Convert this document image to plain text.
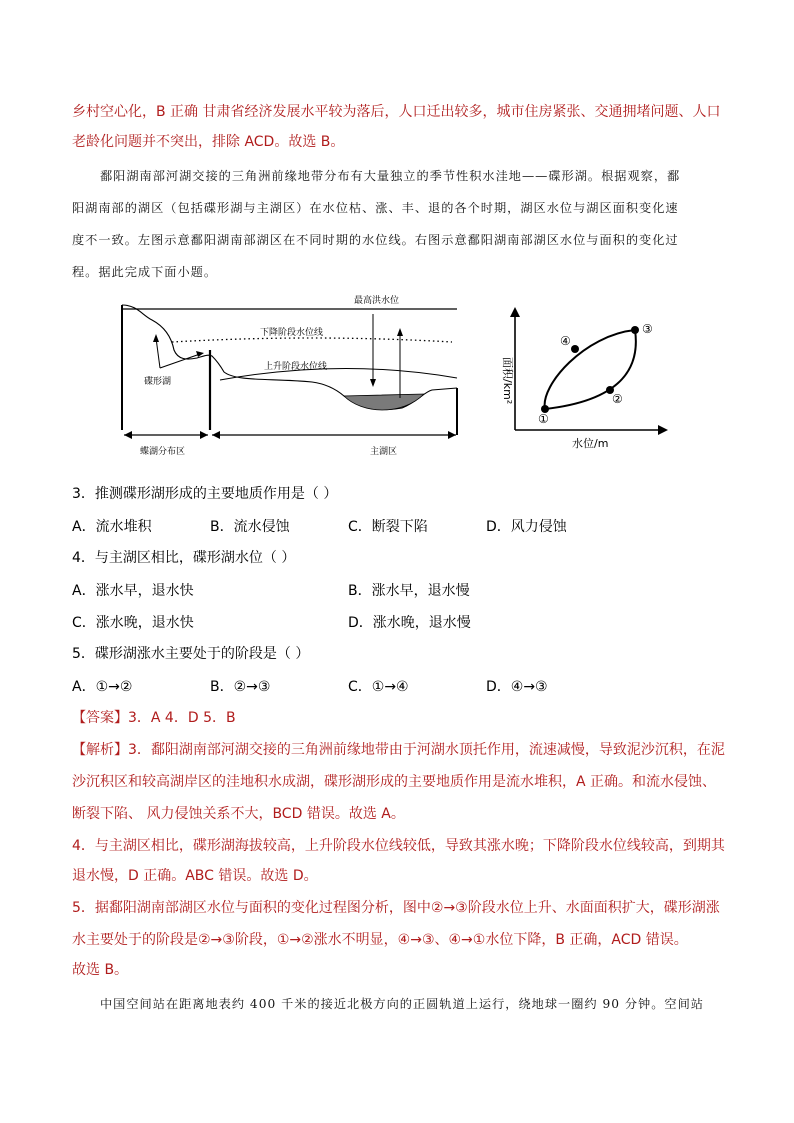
乡村空心化，B 正确 甘肃省经济发展水平较为落后，人口迁出较多，城市住房紧张、交通拥堵问题、人口
老龄化问题并不突出，排除 ACD。故选 B。
鄱阳湖南部河湖交接的三角洲前缘地带分布有大量独立的季节性积水洼地——碟形湖。根据观察，鄱
阳湖南部的湖区（包括碟形湖与主湖区）在水位枯、涨、丰、退的各个时期，湖区水位与湖区面积变化速
度不一致。左图示意鄱阳湖南部湖区在不同时期的水位线。右图示意鄱阳湖南部湖区水位与面积的变化过
程。据此完成下面小题。
最高洪水位
下降阶段水位线
上升阶段水位线
碟形湖
蝶湖分布区	主湖区
①
②
③
④
面积/km²
水位/m
3．推测碟形湖形成的主要地质作用是（ ）
A．流水堆积	B．流水侵蚀	C．断裂下陷	D．风力侵蚀
4．与主湖区相比，碟形湖水位（ ）
A．涨水早，退水快	B．涨水早，退水慢
C．涨水晚，退水快	D．涨水晚，退水慢
5．碟形湖涨水主要处于的阶段是（ ）
A．①→②	B．②→③	C．①→④	D．④→③
【答案】3．A 4．D 5．B
【解析】3．鄱阳湖南部河湖交接的三角洲前缘地带由于河湖水顶托作用，流速减慢，导致泥沙沉积，在泥
沙沉积区和较高湖岸区的洼地积水成湖，碟形湖形成的主要地质作用是流水堆积，A 正确。和流水侵蚀、
断裂下陷、 风力侵蚀关系不大，BCD 错误。故选 A。
4．与主湖区相比，碟形湖海拔较高，上升阶段水位线较低，导致其涨水晚；下降阶段水位线较高，到期其
退水慢，D 正确。ABC 错误。故选 D。
5．据鄱阳湖南部湖区水位与面积的变化过程图分析，图中②→③阶段水位上升、水面面积扩大，碟形湖涨
水主要处于的阶段是②→③阶段，①→②涨水不明显，④→③、④→①水位下降，B 正确，ACD 错误。
故选 B。
中国空间站在距离地表约 400 千米的接近北极方向的正圆轨道上运行，绕地球一圈约 90 分钟。空间站
